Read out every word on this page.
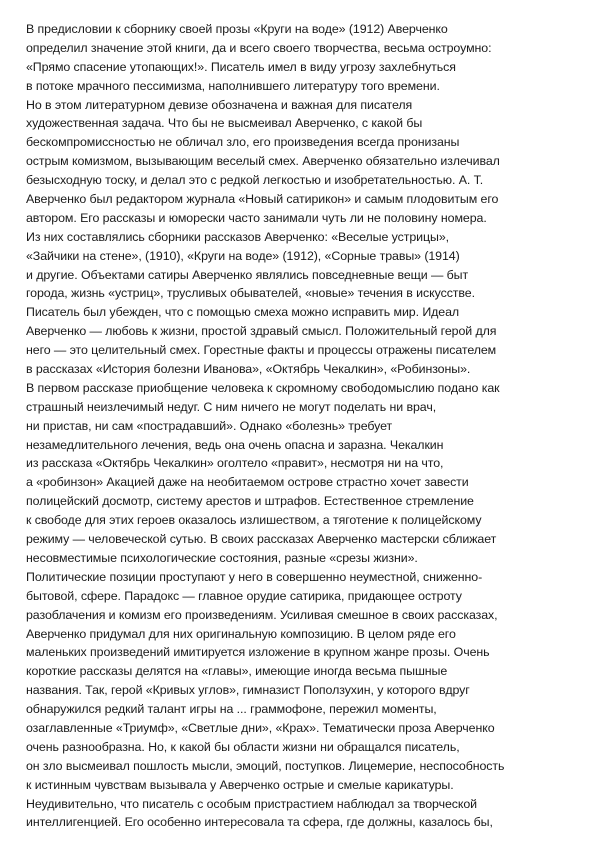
В предисловии к сборнику своей прозы «Круги на воде» (1912) Аверченко
определил значение этой книги, да и всего своего творчества, весьма остроумно:
«Прямо спасение утопающих!». Писатель имел в виду угрозу захлебнуться
в потоке мрачного пессимизма, наполнившего литературу того времени.
Но в этом литературном девизе обозначена и важная для писателя
художественная задача. Что бы не высмеивал Аверченко, с какой бы
бескомпромиссностью не обличал зло, его произведения всегда пронизаны
острым комизмом, вызывающим веселый смех. Аверченко обязательно излечивал
безысходную тоску, и делал это с редкой легкостью и изобретательностью. А. Т.
Аверченко был редактором журнала «Новый сатирикон» и самым плодовитым его
автором. Его рассказы и юморески часто занимали чуть ли не половину номера.
Из них составлялись сборники рассказов Аверченко: «Веселые устрицы»,
«Зайчики на стене», (1910), «Круги на воде» (1912), «Сорные травы» (1914)
и другие. Объектами сатиры Аверченко являлись повседневные вещи — быт
города, жизнь «устриц», трусливых обывателей, «новые» течения в искусстве.
Писатель был убежден, что с помощью смеха можно исправить мир. Идеал
Аверченко — любовь к жизни, простой здравый смысл. Положительный герой для
него — это целительный смех. Горестные факты и процессы отражены писателем
в рассказах «История болезни Иванова», «Октябрь Чекалкин», «Робинзоны».
В первом рассказе приобщение человека к скромному свободомыслию подано как
страшный неизлечимый недуг. С ним ничего не могут поделать ни врач,
ни пристав, ни сам «пострадавший». Однако «болезнь» требует
незамедлительного лечения, ведь она очень опасна и заразна. Чекалкин
из рассказа «Октябрь Чекалкин» оголтело «правит», несмотря ни на что,
а «робинзон» Акацией даже на необитаемом острове страстно хочет завести
полицейский досмотр, систему арестов и штрафов. Естественное стремление
к свободе для этих героев оказалось излишеством, а тяготение к полицейскому
режиму — человеческой сутью. В своих рассказах Аверченко мастерски сближает
несовместимые психологические состояния, разные «срезы жизни».
Политические позиции проступают у него в совершенно неуместной, сниженно-
бытовой, сфере. Парадокс — главное орудие сатирика, придающее остроту
разоблачения и комизм его произведениям. Усиливая смешное в своих рассказах,
Аверченко придумал для них оригинальную композицию. В целом ряде его
маленьких произведений имитируется изложение в крупном жанре прозы. Очень
короткие рассказы делятся на «главы», имеющие иногда весьма пышные
названия. Так, герой «Кривых углов», гимназист Поползухин, у которого вдруг
обнаружился редкий талант игры на ... граммофоне, пережил моменты,
озаглавленные «Триумф», «Светлые дни», «Крах». Тематически проза Аверченко
очень разнообразна. Но, к какой бы области жизни ни обращался писатель,
он зло высмеивал пошлость мысли, эмоций, поступков. Лицемерие, неспособность
к истинным чувствам вызывала у Аверченко острые и смелые карикатуры.
Неудивительно, что писатель с особым пристрастием наблюдал за творческой
интеллигенцией. Его особенно интересовала та сфера, где должны, казалось бы,
